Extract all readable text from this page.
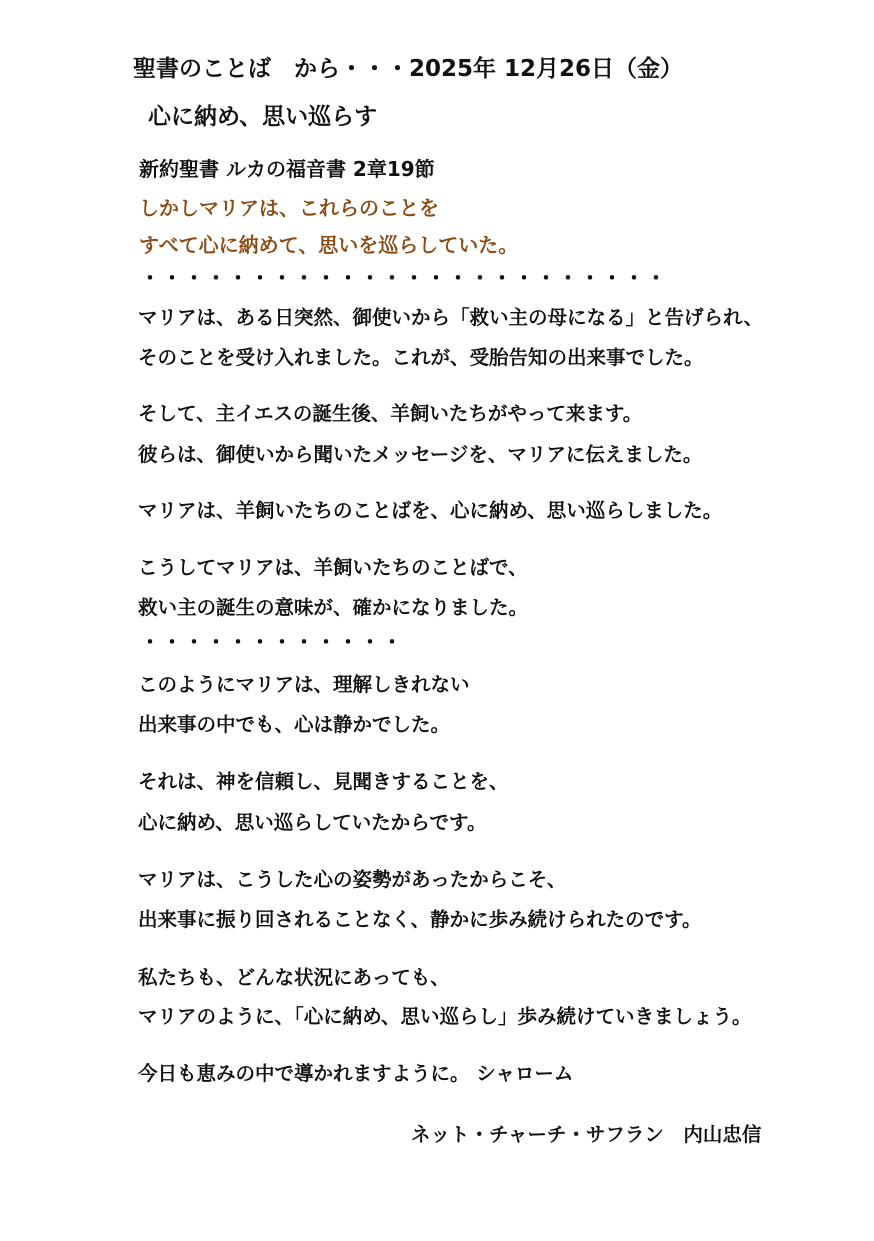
聖書のことば　から・・・2025年 12月26日（金）
心に納め、思い巡らす
新約聖書 ルカの福音書 2章19節
しかしマリアは、これらのことを
すべて心に納めて、思いを巡らしていた。
・・・・・・・・・・・・・・・・・・・・・・・・
マリアは、ある日突然、御使いから「救い主の母になる」と告げられ、
そのことを受け入れました。これが、受胎告知の出来事でした。
そして、主イエスの誕生後、羊飼いたちがやって来ます。
彼らは、御使いから聞いたメッセージを、マリアに伝えました。
マリアは、羊飼いたちのことばを、心に納め、思い巡らしました。
こうしてマリアは、羊飼いたちのことばで、
救い主の誕生の意味が、確かになりました。
・・・・・・・・・・・・
このようにマリアは、理解しきれない
出来事の中でも、心は静かでした。
それは、神を信頼し、見聞きすることを、
心に納め、思い巡らしていたからです。
マリアは、こうした心の姿勢があったからこそ、
出来事に振り回されることなく、静かに歩み続けられたのです。
私たちも、どんな状況にあっても、
マリアのように、「心に納め、思い巡らし」歩み続けていきましょう。
今日も恵みの中で導かれますように。 シャローム
ネット・チャーチ・サフラン　内山忠信
